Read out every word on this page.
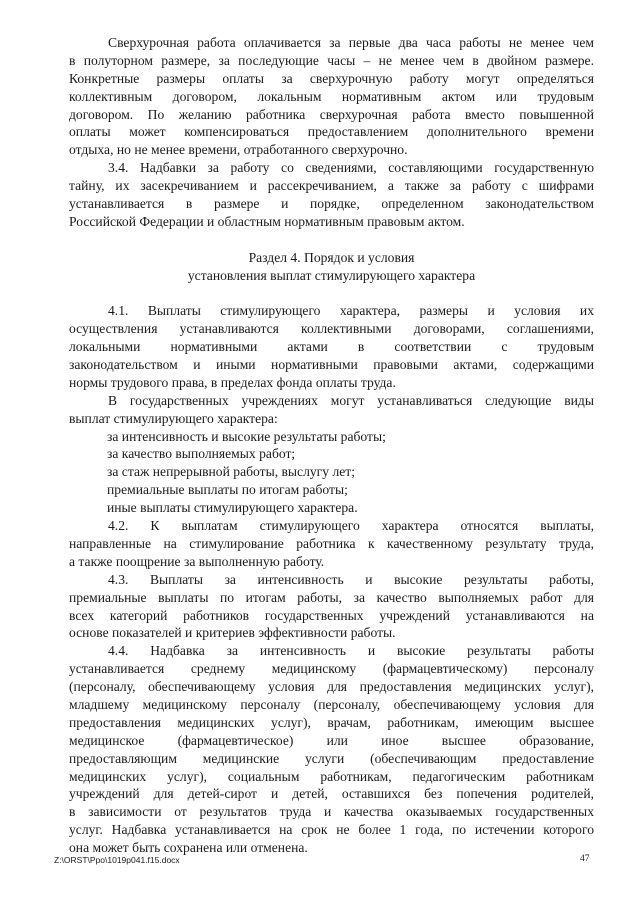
Сверхурочная работа оплачивается за первые два часа работы не менее чем
в полуторном размере, за последующие часы – не менее чем в двойном размере.
Конкретные размеры оплаты за сверхурочную работу могут определяться
коллективным договором, локальным нормативным актом или трудовым
договором. По желанию работника сверхурочная работа вместо повышенной
оплаты может компенсироваться предоставлением дополнительного времени
отдыха, но не менее времени, отработанного сверхурочно.
3.4. Надбавки за работу со сведениями, составляющими государственную
тайну, их засекречиванием и рассекречиванием, а также за работу с шифрами
устанавливается в размере и порядке, определенном законодательством
Российской Федерации и областным нормативным правовым актом.
Раздел 4. Порядок и условия
установления выплат стимулирующего характера
4.1. Выплаты стимулирующего характера, размеры и условия их
осуществления устанавливаются коллективными договорами, соглашениями,
локальными нормативными актами в соответствии с трудовым
законодательством и иными нормативными правовыми актами, содержащими
нормы трудового права, в пределах фонда оплаты труда.
В государственных учреждениях могут устанавливаться следующие виды
выплат стимулирующего характера:
за интенсивность и высокие результаты работы;
за качество выполняемых работ;
за стаж непрерывной работы, выслугу лет;
премиальные выплаты по итогам работы;
иные выплаты стимулирующего характера.
4.2. К выплатам стимулирующего характера относятся выплаты,
направленные на стимулирование работника к качественному результату труда,
а также поощрение за выполненную работу.
4.3. Выплаты за интенсивность и высокие результаты работы,
премиальные выплаты по итогам работы, за качество выполняемых работ для
всех категорий работников государственных учреждений устанавливаются на
основе показателей и критериев эффективности работы.
4.4. Надбавка за интенсивность и высокие результаты работы
устанавливается среднему медицинскому (фармацевтическому) персоналу
(персоналу, обеспечивающему условия для предоставления медицинских услуг),
младшему медицинскому персоналу (персоналу, обеспечивающему условия для
предоставления медицинских услуг), врачам, работникам, имеющим высшее
медицинское (фармацевтическое) или иное высшее образование,
предоставляющим медицинские услуги (обеспечивающим предоставление
медицинских услуг), социальным работникам, педагогическим работникам
учреждений для детей-сирот и детей, оставшихся без попечения родителей,
в зависимости от результатов труда и качества оказываемых государственных
услуг. Надбавка устанавливается на срок не более 1 года, по истечении которого
она может быть сохранена или отменена.
Z:\ORST\Ppo\1019p041.f15.docx	47
